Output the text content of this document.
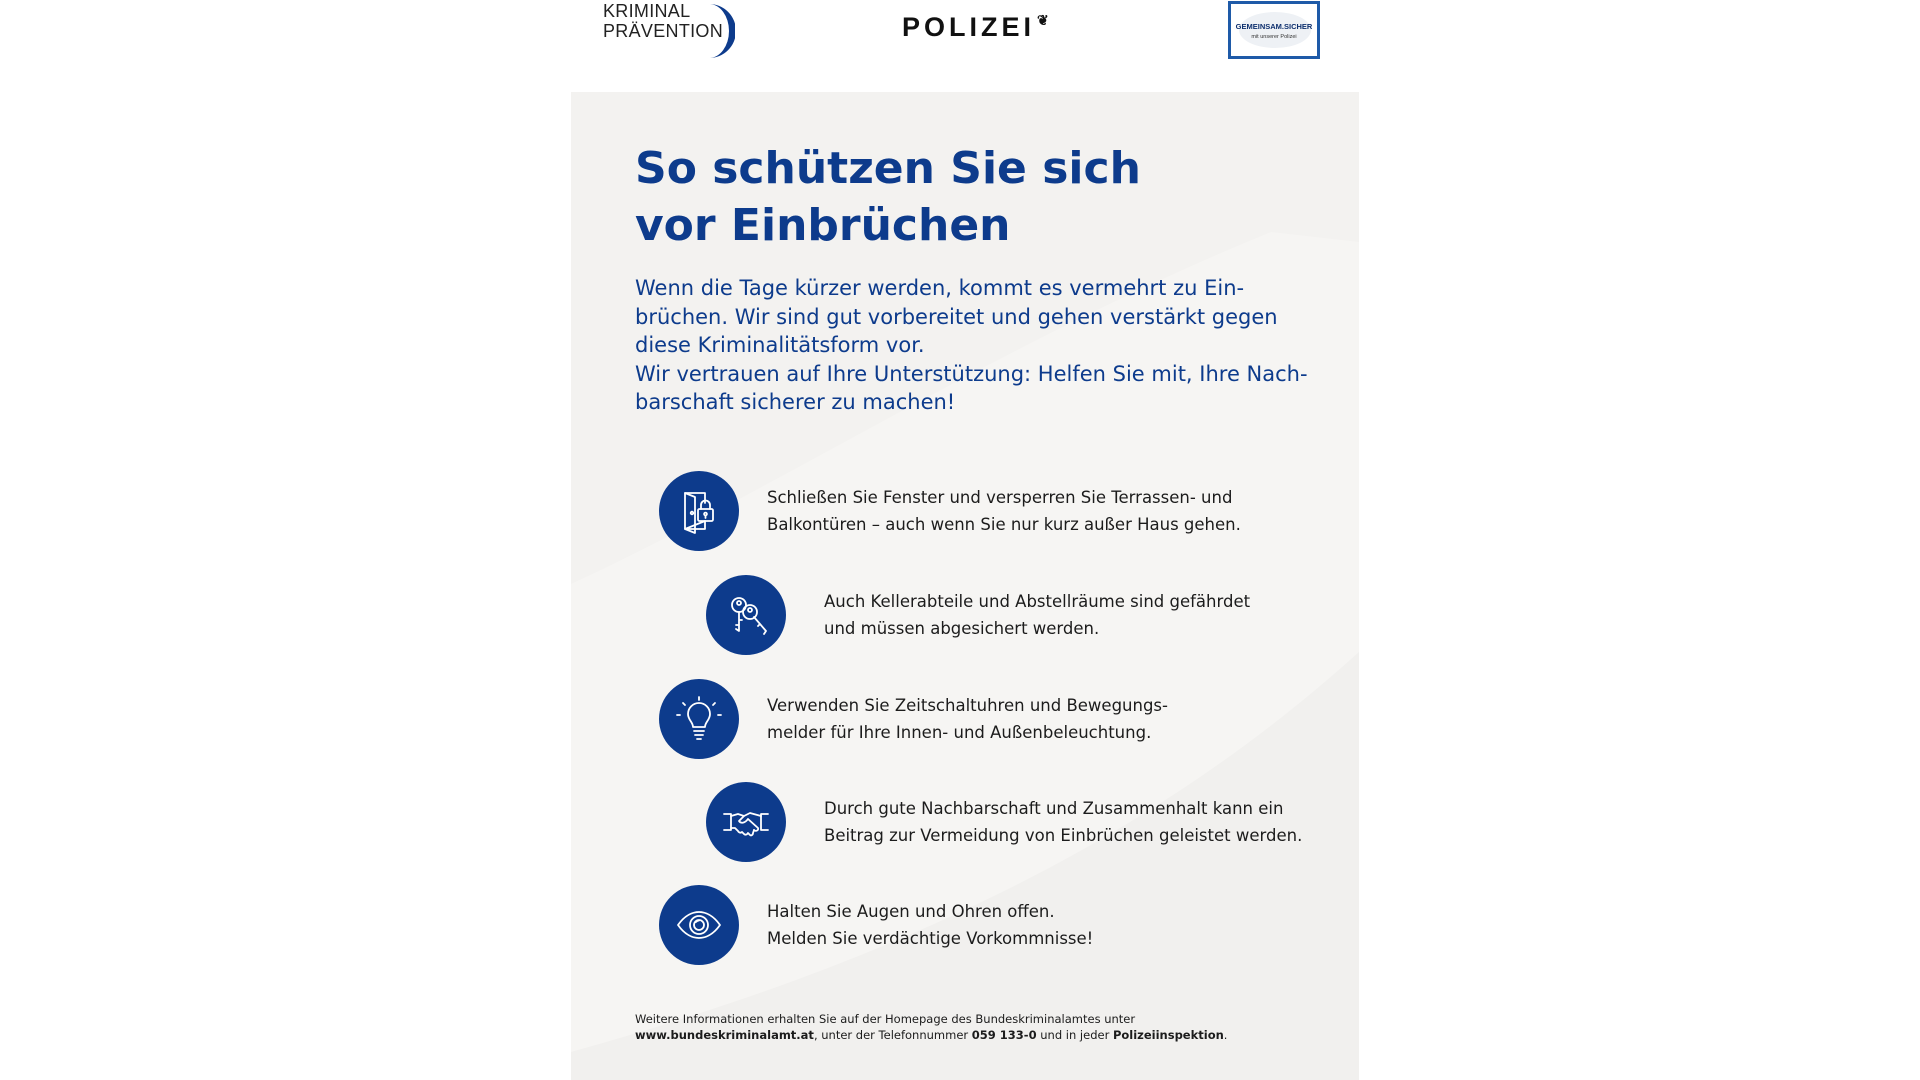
KRIMINAL
PRÄVENTION	POLIZEI ❦	GEMEINSAM.SICHER
mit unserer Polizei
So schützen Sie sich
vor Einbrüchen
Wenn die Tage kürzer werden, kommt es vermehrt zu Ein-
brüchen. Wir sind gut vorbereitet und gehen verstärkt gegen
diese Kriminalitätsform vor.
Wir vertrauen auf Ihre Unterstützung: Helfen Sie mit, Ihre Nach-
barschaft sicherer zu machen!
Schließen Sie Fenster und versperren Sie Terrassen- und
Balkontüren – auch wenn Sie nur kurz außer Haus gehen.
Auch Kellerabteile und Abstellräume sind gefährdet
und müssen abgesichert werden.
Verwenden Sie Zeitschaltuhren und Bewegungs-
melder für Ihre Innen- und Außenbeleuchtung.
Durch gute Nachbarschaft und Zusammenhalt kann ein
Beitrag zur Vermeidung von Einbrüchen geleistet werden.
Halten Sie Augen und Ohren offen.
Melden Sie verdächtige Vorkommnisse!
Weitere Informationen erhalten Sie auf der Homepage des Bundeskriminalamtes unter
www.bundeskriminalamt.at, unter der Telefonnummer 059 133-0 und in jeder Polizeiinspektion.
